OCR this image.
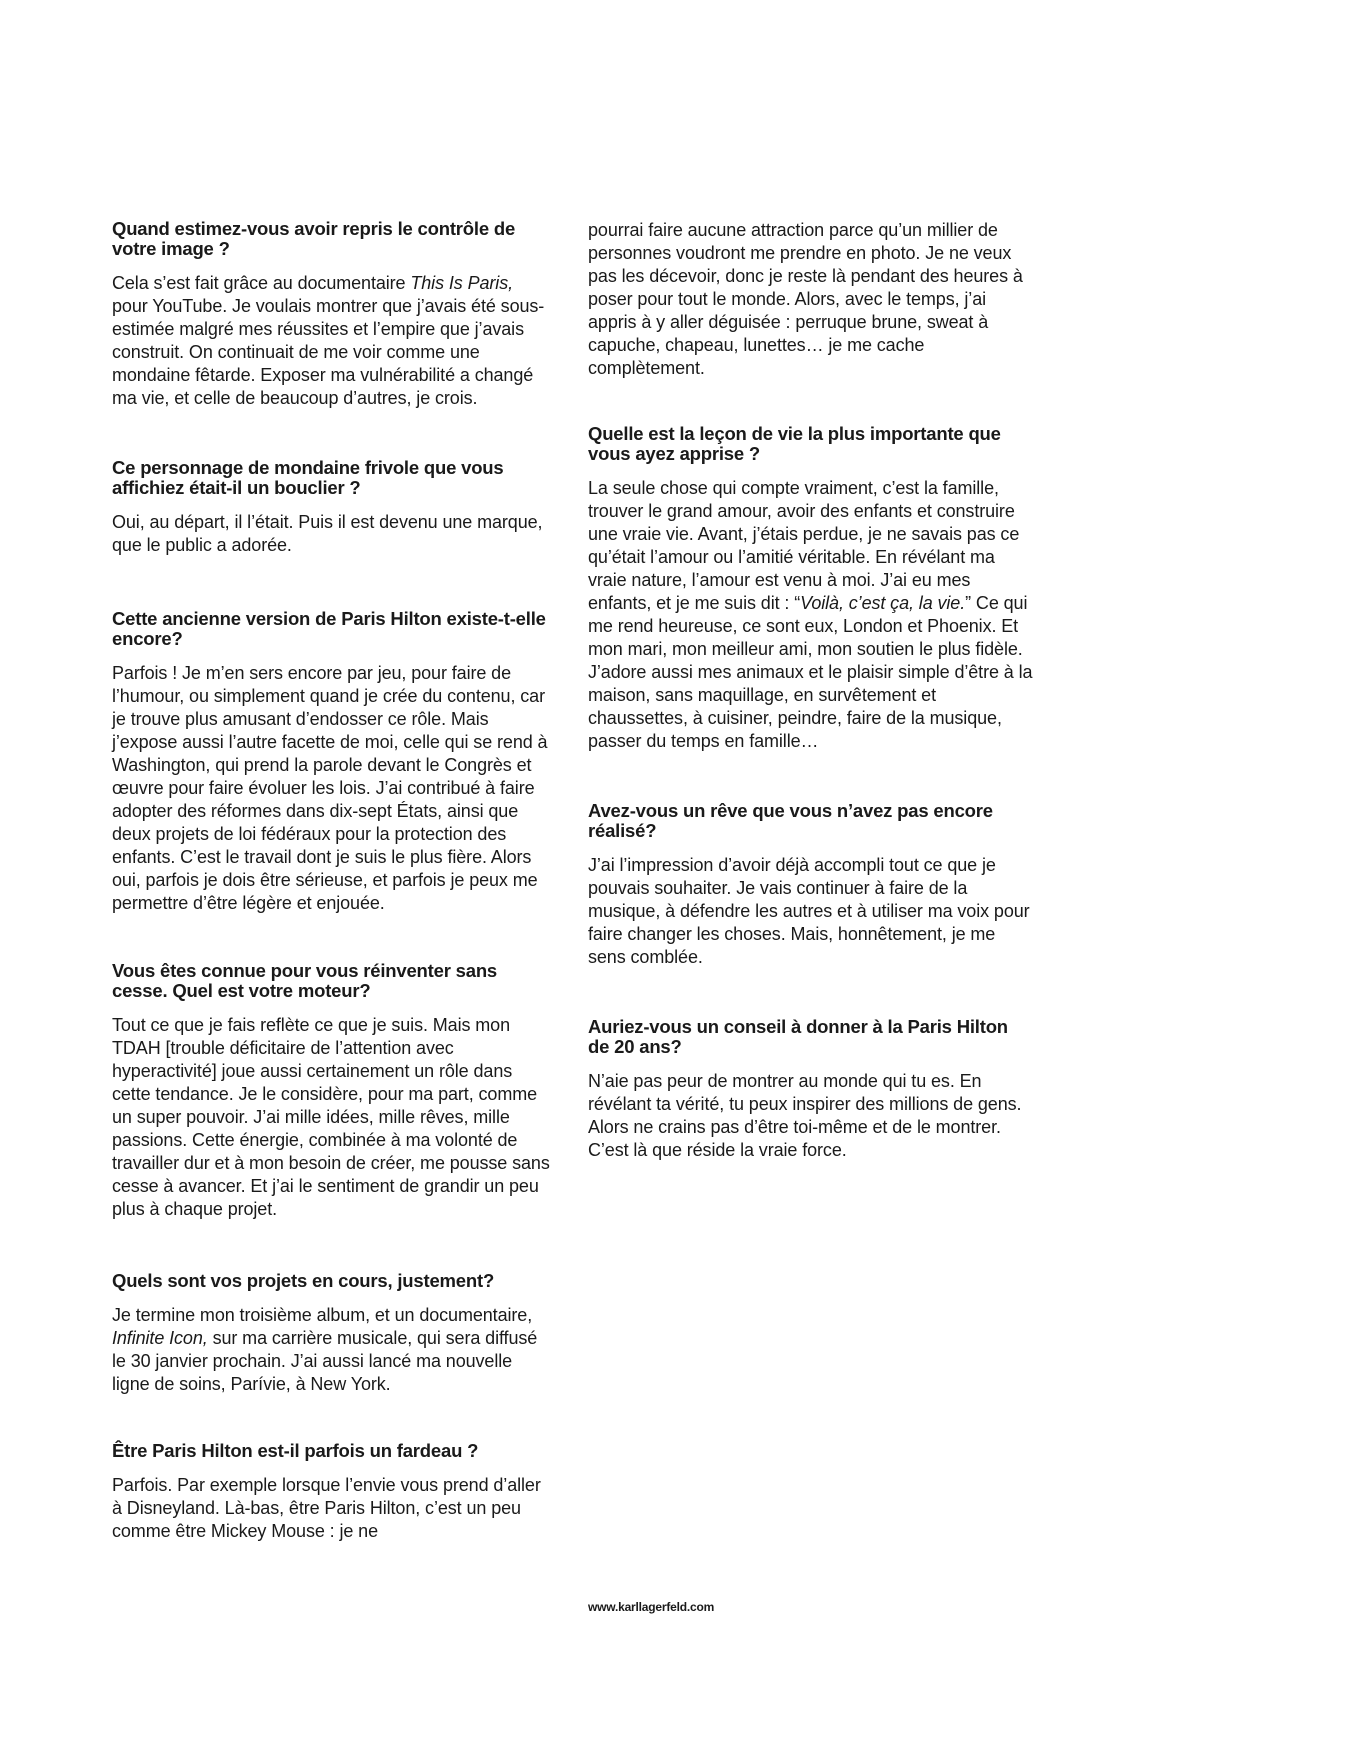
Quand estimez-vous avoir repris le contrôle de votre image ?
Cela s’est fait grâce au documentaire This Is Paris, pour YouTube. Je voulais montrer que j’avais été sous-estimée malgré mes réussites et l’empire que j’avais construit. On continuait de me voir comme une mondaine fêtarde. Exposer ma vulnérabilité a changé ma vie, et celle de beaucoup d’autres, je crois.
Ce personnage de mondaine frivole que vous affichiez était-il un bouclier ?
Oui, au départ, il l’était. Puis il est devenu une marque, que le public a adorée.
Cette ancienne version de Paris Hilton existe-t-elle encore?
Parfois ! Je m’en sers encore par jeu, pour faire de l’humour, ou simplement quand je crée du contenu, car je trouve plus amusant d’endosser ce rôle. Mais j’expose aussi l’autre facette de moi, celle qui se rend à Washington, qui prend la parole devant le Congrès et œuvre pour faire évoluer les lois. J’ai contribué à faire adopter des réformes dans dix-sept États, ainsi que deux projets de loi fédéraux pour la protection des enfants. C’est le travail dont je suis le plus fière. Alors oui, parfois je dois être sérieuse, et parfois je peux me permettre d’être légère et enjouée.
Vous êtes connue pour vous réinventer sans cesse. Quel est votre moteur?
Tout ce que je fais reflète ce que je suis. Mais mon TDAH [trouble déficitaire de l’attention avec hyperactivité] joue aussi certainement un rôle dans cette tendance. Je le considère, pour ma part, comme un super pouvoir. J’ai mille idées, mille rêves, mille passions. Cette énergie, combinée à ma volonté de travailler dur et à mon besoin de créer, me pousse sans cesse à avancer. Et j’ai le sentiment de grandir un peu plus à chaque projet.
Quels sont vos projets en cours, justement?
Je termine mon troisième album, et un documentaire, Infinite Icon, sur ma carrière musicale, qui sera diffusé le 30 janvier prochain. J’ai aussi lancé ma nouvelle ligne de soins, Parívie, à New York.
Être Paris Hilton est-il parfois un fardeau ?
Parfois. Par exemple lorsque l’envie vous prend d’aller à Disneyland. Là-bas, être Paris Hilton, c’est un peu comme être Mickey Mouse : je ne
pourrai faire aucune attraction parce qu’un millier de personnes voudront me prendre en photo. Je ne veux pas les décevoir, donc je reste là pendant des heures à poser pour tout le monde. Alors, avec le temps, j’ai appris à y aller déguisée : perruque brune, sweat à capuche, chapeau, lunettes… je me cache complètement.
Quelle est la leçon de vie la plus importante que vous ayez apprise ?
La seule chose qui compte vraiment, c’est la famille, trouver le grand amour, avoir des enfants et construire une vraie vie. Avant, j’étais perdue, je ne savais pas ce qu’était l’amour ou l’amitié véritable. En révélant ma vraie nature, l’amour est venu à moi. J’ai eu mes enfants, et je me suis dit : “Voilà, c’est ça, la vie.” Ce qui me rend heureuse, ce sont eux, London et Phoenix. Et mon mari, mon meilleur ami, mon soutien le plus fidèle. J’adore aussi mes animaux et le plaisir simple d’être à la maison, sans maquillage, en survêtement et chaussettes, à cuisiner, peindre, faire de la musique, passer du temps en famille…
Avez-vous un rêve que vous n’avez pas encore réalisé?
J’ai l’impression d’avoir déjà accompli tout ce que je pouvais souhaiter. Je vais continuer à faire de la musique, à défendre les autres et à utiliser ma voix pour faire changer les choses. Mais, honnêtement, je me sens comblée.
Auriez-vous un conseil à donner à la Paris Hilton de 20 ans?
N’aie pas peur de montrer au monde qui tu es. En révélant ta vérité, tu peux inspirer des millions de gens. Alors ne crains pas d’être toi-même et de le montrer. C’est là que réside la vraie force.
www.karllagerfeld.com
